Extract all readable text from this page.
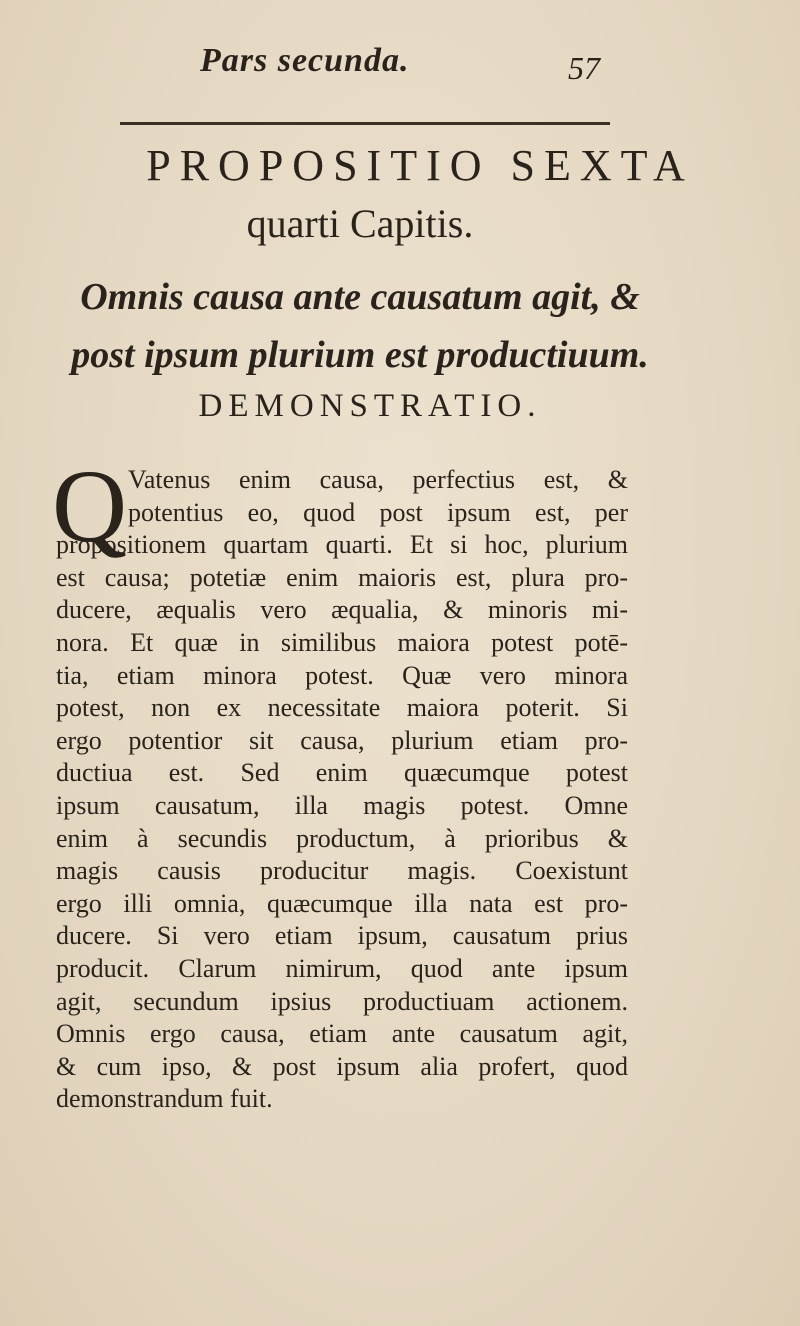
Pars secunda.	57
PROPOSITIO SEXTA
quarti Capitis.
Omnis causa ante causatum agit, &
post ipsum plurium est productiuum.
DEMONSTRATIO.
Q Vatenus enim causa, perfectius est, &
potentius eo, quod post ipsum est, per
propositionem quartam quarti. Et si hoc, plurium
est causa; potetiæ enim maioris est, plura pro-
ducere, æqualis vero æqualia, & minoris mi-
nora. Et quæ in similibus maiora potest potē-
tia, etiam minora potest. Quæ vero minora
potest, non ex necessitate maiora poterit. Si
ergo potentior sit causa, plurium etiam pro-
ductiua est. Sed enim quæcumque potest
ipsum causatum, illa magis potest. Omne
enim à secundis productum, à prioribus &
magis causis producitur magis. Coexistunt
ergo illi omnia, quæcumque illa nata est pro-
ducere. Si vero etiam ipsum, causatum prius
producit. Clarum nimirum, quod ante ipsum
agit, secundum ipsius productiuam actionem.
Omnis ergo causa, etiam ante causatum agit,
& cum ipso, & post ipsum alia profert, quod
demonstrandum fuit.
